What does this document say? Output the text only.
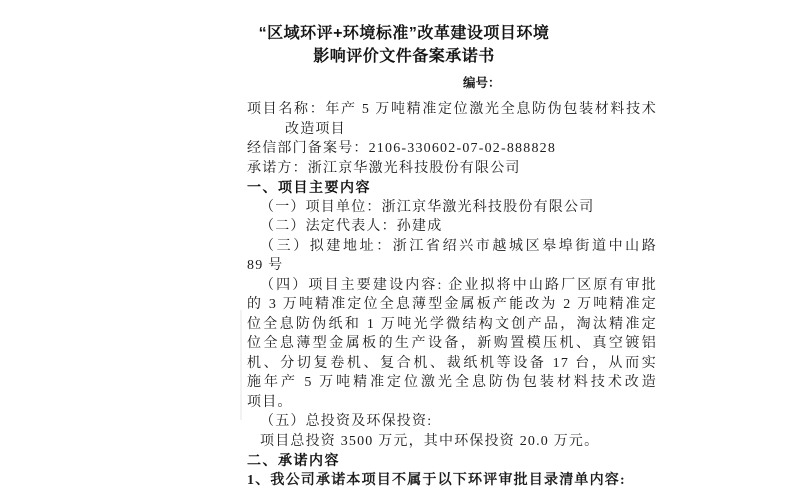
“区域环评+环境标准”改革建设项目环境
影响评价文件备案承诺书
编号：
项目名称：年产 5 万吨精准定位激光全息防伪包装材料技术
改造项目
经信部门备案号：2106-330602-07-02-888828
承诺方：浙江京华激光科技股份有限公司
一、项目主要内容
（一）项目单位：浙江京华激光科技股份有限公司
（二）法定代表人：孙建成
（三）拟建地址：浙江省绍兴市越城区皋埠街道中山路
89 号
（四）项目主要建设内容: 企业拟将中山路厂区原有审批
的 3 万吨精准定位全息薄型金属板产能改为 2 万吨精准定
位全息防伪纸和 1 万吨光学微结构文创产品，淘汰精准定
位全息薄型金属板的生产设备，新购置模压机、真空镀铝
机、分切复卷机、复合机、裁纸机等设备 17 台，从而实
施年产 5 万吨精准定位激光全息防伪包装材料技术改造
项目。
（五）总投资及环保投资:
项目总投资 3500 万元，其中环保投资 20.0 万元。
二、承诺内容
1、我公司承诺本项目不属于以下环评审批目录清单内容:
